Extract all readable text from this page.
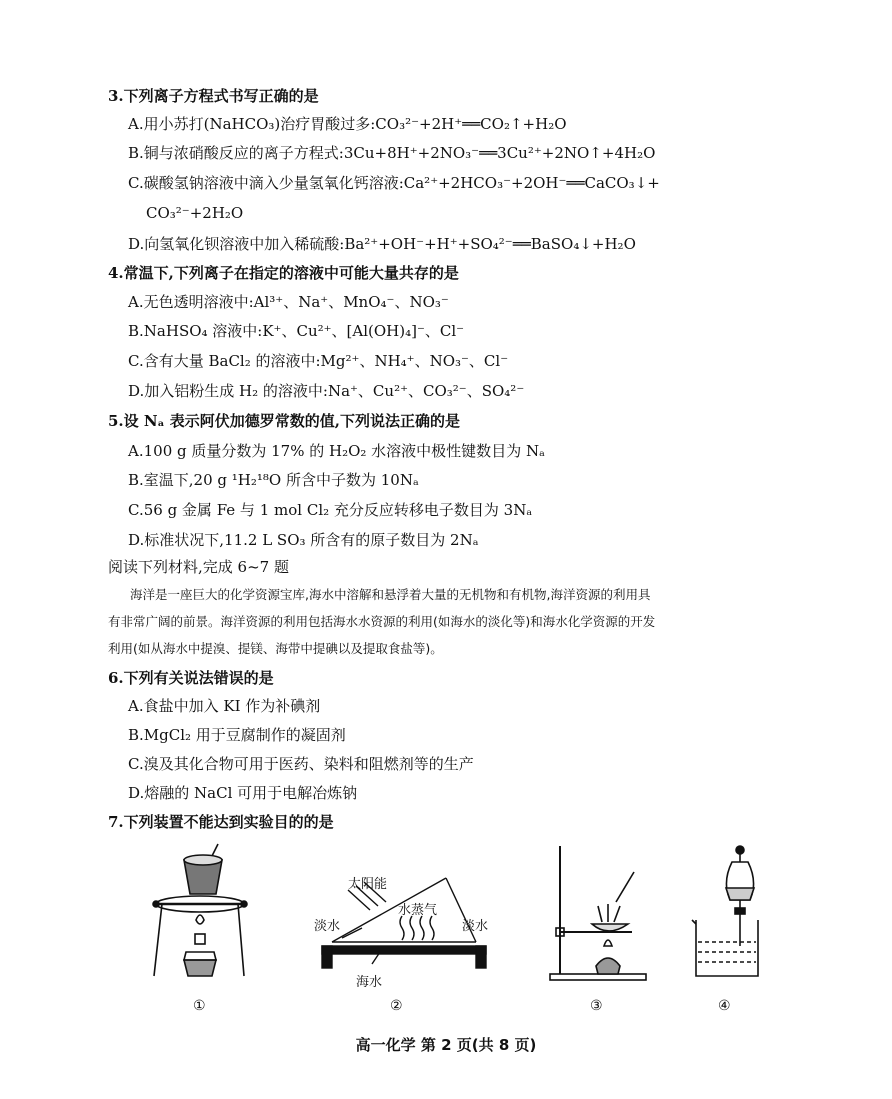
3.下列离子方程式书写正确的是
A.用小苏打(NaHCO₃)治疗胃酸过多:CO₃²⁻+2H⁺══CO₂↑+H₂O
B.铜与浓硝酸反应的离子方程式:3Cu+8H⁺+2NO₃⁻══3Cu²⁺+2NO↑+4H₂O
C.碳酸氢钠溶液中滴入少量氢氧化钙溶液:Ca²⁺+2HCO₃⁻+2OH⁻══CaCO₃↓+
CO₃²⁻+2H₂O
D.向氢氧化钡溶液中加入稀硫酸:Ba²⁺+OH⁻+H⁺+SO₄²⁻══BaSO₄↓+H₂O
4.常温下,下列离子在指定的溶液中可能大量共存的是
A.无色透明溶液中:Al³⁺、Na⁺、MnO₄⁻、NO₃⁻
B.NaHSO₄ 溶液中:K⁺、Cu²⁺、[Al(OH)₄]⁻、Cl⁻
C.含有大量 BaCl₂ 的溶液中:Mg²⁺、NH₄⁺、NO₃⁻、Cl⁻
D.加入铝粉生成 H₂ 的溶液中:Na⁺、Cu²⁺、CO₃²⁻、SO₄²⁻
5.设 Nₐ 表示阿伏加德罗常数的值,下列说法正确的是
A.100 g 质量分数为 17% 的 H₂O₂ 水溶液中极性键数目为 Nₐ
B.室温下,20 g ¹H₂¹⁸O 所含中子数为 10Nₐ
C.56 g 金属 Fe 与 1 mol Cl₂ 充分反应转移电子数目为 3Nₐ
D.标准状况下,11.2 L SO₃ 所含有的原子数目为 2Nₐ
阅读下列材料,完成 6~7 题
海洋是一座巨大的化学资源宝库,海水中溶解和悬浮着大量的无机物和有机物,海洋资源的利用具
有非常广阔的前景。海洋资源的利用包括海水水资源的利用(如海水的淡化等)和海水化学资源的开发
利用(如从海水中提溴、提镁、海带中提碘以及提取食盐等)。
6.下列有关说法错误的是
A.食盐中加入 KI 作为补碘剂
B.MgCl₂ 用于豆腐制作的凝固剂
C.溴及其化合物可用于医药、染料和阻燃剂等的生产
D.熔融的 NaCl 可用于电解冶炼钠
7.下列装置不能达到实验目的的是
太阳能
淡水
水蒸气
淡水
海水
①	②	③	④
高一化学 第 2 页(共 8 页)
